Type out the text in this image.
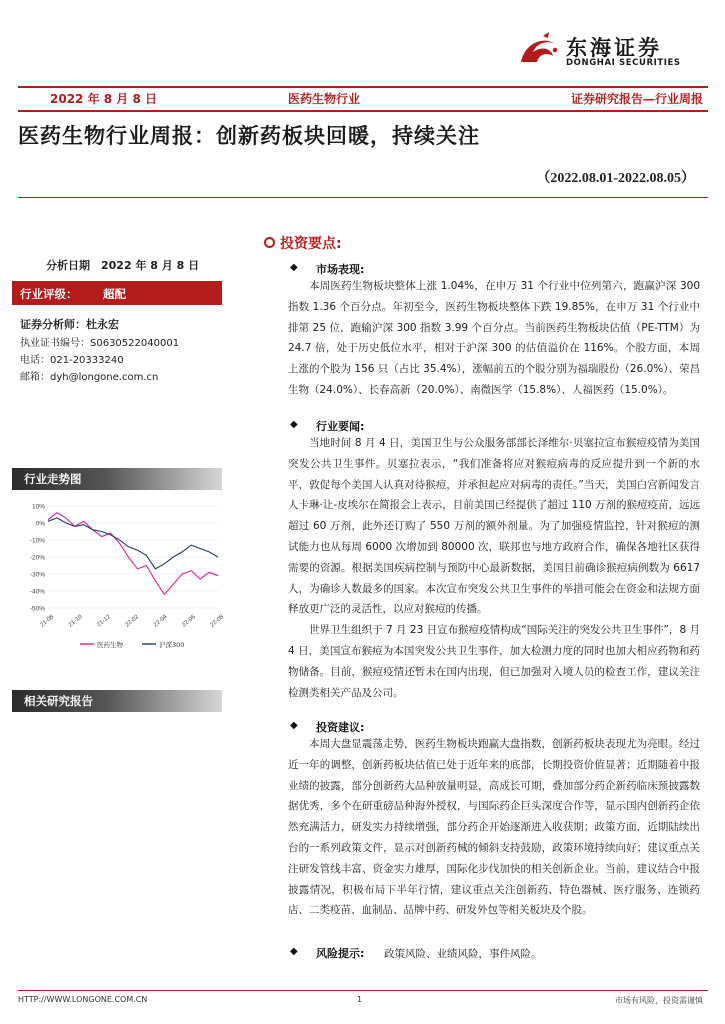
东海证券
DONGHAI SECURITIES
2022 年 8 月 8 日	医药生物行业	证券研究报告—行业周报
医药生物行业周报：创新药板块回暖，持续关注
（2022.08.01-2022.08.05）
分析日期　2022 年 8 月 8 日
行业评级： 超配
证券分析师：杜永宏
执业证书编号：S0630522040001
电话：021-20333240
邮箱：dyh@longone.com.cn
行业走势图
10%
0%
-10%
-20%
-30%
-40%
-50%
21-08 21-10 21-12 22-02 22-04 22-06 22-08
医药生物	沪深300
相关研究报告
投资要点:
◆ 市场表现:

本周医药生物板块整体上涨 1.04%，在申万 31 个行业中位列第六，跑赢沪深 300 指数 1.36 个百分点。年初至今，医药生物板块整体下跌 19.85%，在申万 31 个行业中排第 25 位，跑输沪深 300 指数 3.99 个百分点。当前医药生物板块估值（PE-TTM）为 24.7 倍，处于历史低位水平，相对于沪深 300 的估值溢价在 116%。个股方面，本周上涨的个股为 156 只（占比 35.4%），涨幅前五的个股分别为福瑞股份（26.0%）、荣昌生物（24.0%）、长春高新（20.0%）、南微医学（15.8%）、人福医药（15.0%）。

◆ 行业要闻:

当地时间 8 月 4 日，美国卫生与公众服务部部长泽维尔·贝塞拉宣布猴痘疫情为美国突发公共卫生事件。贝塞拉表示，“我们准备将应对猴痘病毒的反应提升到一个新的水平，敦促每个美国人认真对待猴痘，并承担起应对病毒的责任。”当天，美国白宫新闻发言人卡琳·让-皮埃尔在简报会上表示，目前美国已经提供了超过 110 万剂的猴痘疫苗，远远超过 60 万剂，此外还订购了 550 万剂的额外剂量。为了加强疫情监控，针对猴痘的测试能力也从每周 6000 次增加到 80000 次，联邦也与地方政府合作，确保各地社区获得需要的资源。根据美国疾病控制与预防中心最新数据，美国目前确诊猴痘病例数为 6617 人，为确诊人数最多的国家。本次宣布突发公共卫生事件的举措可能会在资金和法规方面释放更广泛的灵活性，以应对猴痘的传播。

世界卫生组织于 7 月 23 日宣布猴痘疫情构成“国际关注的突发公共卫生事件”，8 月 4 日，美国宣布猴痘为本国突发公共卫生事件，加大检测力度的同时也加大相应药物和药物储备。目前，猴痘疫情还暂未在国内出现，但已加强对入境人员的检查工作，建议关注检测类相关产品及公司。

◆ 投资建议:

本周大盘显震荡走势，医药生物板块跑赢大盘指数，创新药板块表现尤为亮眼。经过近一年的调整，创新药板块估值已处于近年来的底部，长期投资价值显著；近期随着中报业绩的披露，部分创新药大品种放量明显，高成长可期，叠加部分药企新药临床预披露数据优秀，多个在研重磅品种海外授权，与国际药企巨头深度合作等，显示国内创新药企依然充满活力，研发实力持续增强，部分药企开始逐渐进入收获期；政策方面，近期陆续出台的一系列政策文件，显示对创新药械的倾斜支持鼓励，政策环境持续向好；建议重点关注研发管线丰富、资金实力雄厚，国际化步伐加快的相关创新企业。当前，建议结合中报披露情况，积极布局下半年行情，建议重点关注创新药、特色器械、医疗服务、连锁药店、二类疫苗、血制品、品牌中药、研发外包等相关板块及个股。

◆ 风险提示: 政策风险、业绩风险，事件风险。
HTTP://WWW.LONGONE.COM.CN	1	市场有风险，投资需谨慎
